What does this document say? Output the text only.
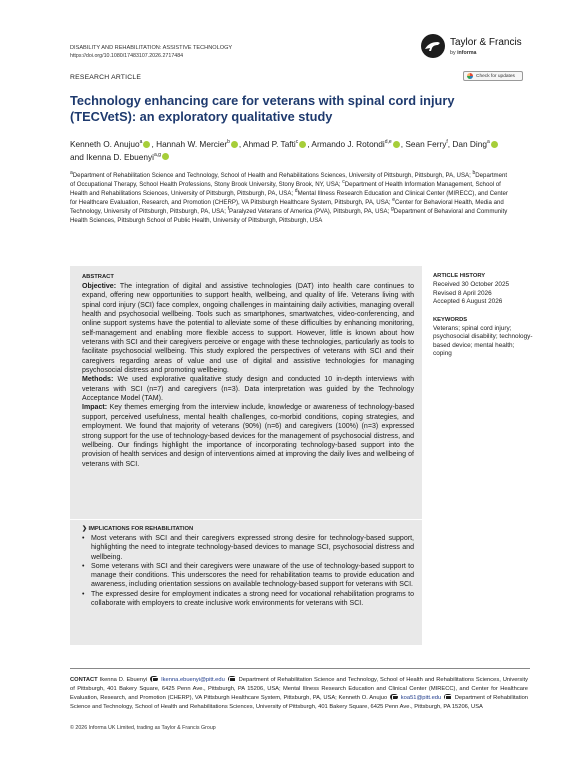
DISABILITY AND REHABILITATION: ASSISTIVE TECHNOLOGY
https://doi.org/10.1080/17483107.2026.2717484
Taylor & Francis
by informa
Check for updates
RESEARCH ARTICLE
Technology enhancing care for veterans with spinal cord injury (TECVetS): an exploratory qualitative study
Kenneth O. Anujuo$^a$ , Hannah W. Mercier$^b$ , Ahmad P. Tafti$^c$ , Armando J. Rotondi$^{d,e}$ , Sean Ferry$^f$, Dan Ding$^a$ and Ikenna D. Ebuenyi$^{a,g}$
$^a$Department of Rehabilitation Science and Technology, School of Health and Rehabilitations Sciences, University of Pittsburgh, Pittsburgh, PA, USA; $^b$Department of Occupational Therapy, School Health Professions, Stony Brook University, Stony Brook, NY, USA; $^c$Department of Health Information Management, School of Health and Rehabilitations Sciences, University of Pittsburgh, Pittsburgh, PA, USA; $^d$Mental Illness Research Education and Clinical Center (MIRECC), and Center for Healthcare Evaluation, Research, and Promotion (CHERP), VA Pittsburgh Healthcare System, Pittsburgh, PA, USA; $^e$Center for Behavioral Health, Media and Technology, University of Pittsburgh, Pittsburgh, PA, USA; $^f$Paralyzed Veterans of America (PVA), Pittsburgh, PA, USA; $^g$Department of Behavioral and Community Health Sciences, Pittsburgh School of Public Health, University of Pittsburgh, Pittsburgh, USA
ABSTRACT

Objective: The integration of digital and assistive technologies (DAT) into health care continues to expand, offering new opportunities to support health, wellbeing, and quality of life. Veterans living with spinal cord injury (SCI) face complex, ongoing challenges in maintaining daily activities, managing overall health and psychosocial wellbeing. Tools such as smartphones, smartwatches, video-conferencing, and online support systems have the potential to alleviate some of these difficulties by enhancing monitoring, self-management and enabling more flexible access to support. However, little is known about how veterans with SCI and their caregivers perceive or engage with these technologies, particularly as tools to facilitate psychosocial wellbeing. This study explored the perspectives of veterans with SCI and their caregivers regarding areas of value and use of digital and assistive technologies for managing psychosocial distress and promoting wellbeing.

Methods: We used explorative qualitative study design and conducted 10 in-depth interviews with veterans with SCI (n=7) and caregivers (n=3). Data interpretation was guided by the Technology Acceptance Model (TAM).

Impact: Key themes emerging from the interview include, knowledge or awareness of technology-based support, perceived usefulness, mental health challenges, co-morbid conditions, coping strategies, and employment. We found that majority of veterans (90%) (n=6) and caregivers (100%) (n=3) expressed strong support for the use of technology-based devices for the management of psychosocial distress, and wellbeing. Our findings highlight the importance of incorporating technology-based support into the provision of health services and design of interventions aimed at improving the daily lives and wellbeing of veterans with SCI.

ARTICLE HISTORY
Received 30 October 2025
Revised 8 April 2026
Accepted 6 August 2026
KEYWORDS
Veterans; spinal cord injury; psychosocial disability; technology-based device; mental health; coping
❯ IMPLICATIONS FOR REHABILITATION
• Most veterans with SCI and their caregivers expressed strong desire for technology-based support, highlighting the need to integrate technology-based devices to manage SCI, psychosocial distress and wellbeing.
• Some veterans with SCI and their caregivers were unaware of the use of technology-based support to manage their conditions. This underscores the need for rehabilitation teams to provide education and awareness, including orientation sessions on available technology-based support for veterans with SCI.
• The expressed desire for employment indicates a strong need for vocational rehabilitation programs to collaborate with employers to create inclusive work environments for veterans with SCI.
CONTACT Ikenna D. Ebuenyi Ikenna.ebuenyi@pitt.edu Department of Rehabilitation Science and Technology, School of Health and Rehabilitations Sciences, University of Pittsburgh, 401 Bakery Square, 6425 Penn Ave., Pittsburgh, PA 15206, USA; Mental Illness Research Education and Clinical Center (MIRECC), and Center for Healthcare Evaluation, Research, and Promotion (CHERP), VA Pittsburgh Healthcare System, Pittsburgh, PA, USA; Kenneth O. Anujuo koa51@pitt.edu Department of Rehabilitation Science and Technology, School of Health and Rehabilitations Sciences, University of Pittsburgh, 401 Bakery Square, 6425 Penn Ave., Pittsburgh, PA 15206, USA
© 2026 Informa UK Limited, trading as Taylor & Francis Group
